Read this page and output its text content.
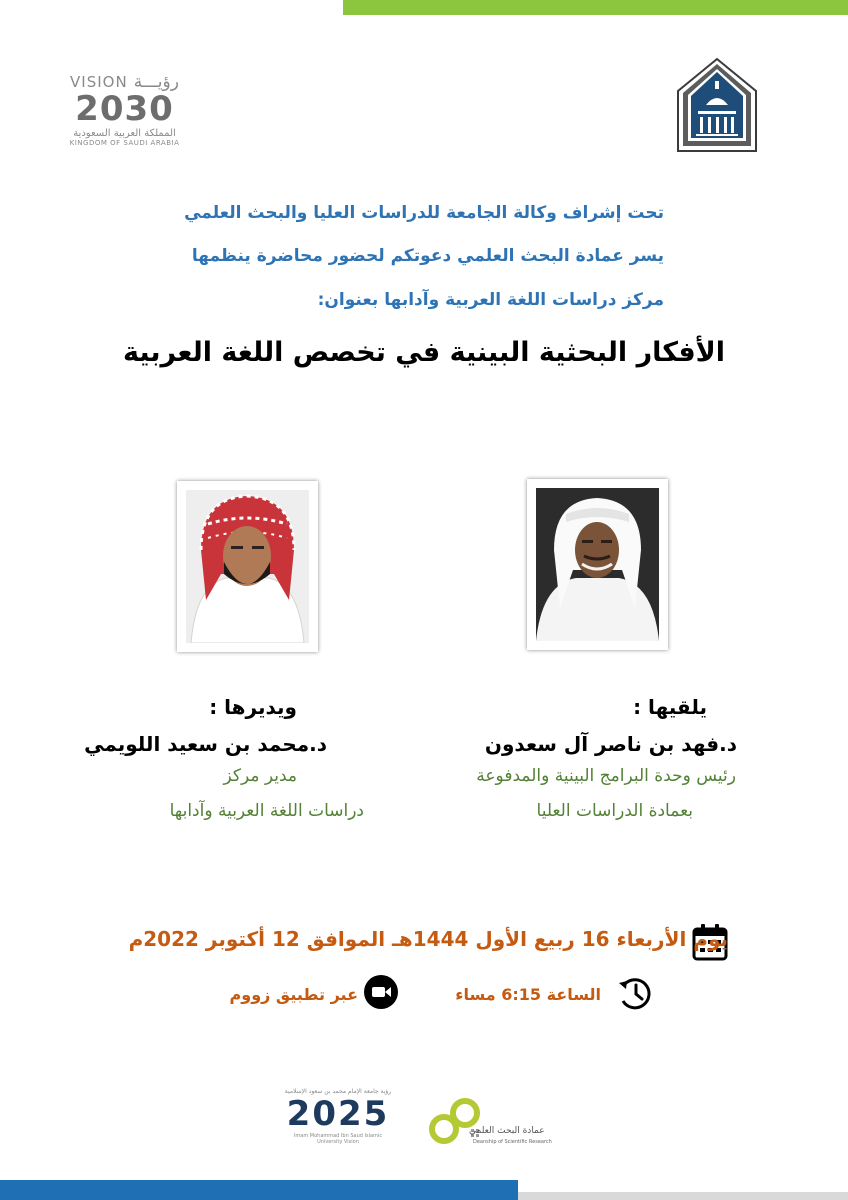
VISION رؤيـــة
2030
المملكة العربية السعودية
KINGDOM OF SAUDI ARABIA
تحت إشراف وكالة الجامعة للدراسات العليا والبحث العلمي
يسر عمادة البحث العلمي دعوتكم لحضور محاضرة ينظمها
مركز دراسات اللغة العربية وآدابها بعنوان:
الأفكار البحثية البينية في تخصص اللغة العربية
يلقيها :
د.فهد بن ناصر آل سعدون
رئيس وحدة البرامج البينية والمدفوعة
بعمادة الدراسات العليا
ويديرها :
د.محمد بن سعيد اللويمي
مدير مركز
دراسات اللغة العربية وآدابها
يوم الأربعاء 16 ربيع الأول 1444هـ الموافق 12 أكتوبر 2022م
الساعة 6:15 مساء
عبر تطبيق زووم
رؤية جامعة الإمام محمد بن سعود الإسلامية
2025
Imam Mohammad Ibn Saud Islamic University Vision
عمادة البحث العلمي
Deanship of Scientific Research
